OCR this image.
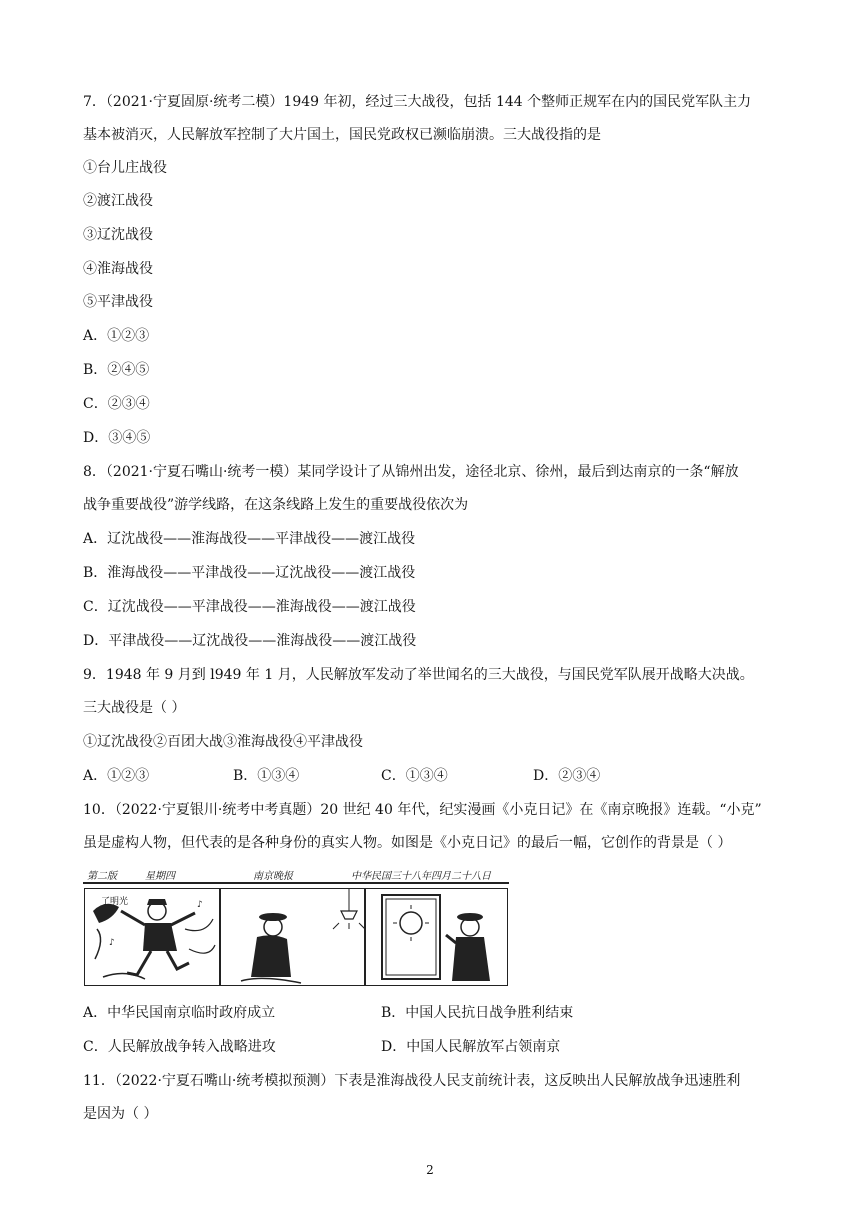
7．（2021·宁夏固原·统考二模）1949 年初，经过三大战役，包括 144 个整师正规军在内的国民党军队主力
基本被消灭，人民解放军控制了大片国土，国民党政权已濒临崩溃。三大战役指的是
①台儿庄战役
②渡江战役
③辽沈战役
④淮海战役
⑤平津战役
A．①②③
B．②④⑤
C．②③④
D．③④⑤
8．（2021·宁夏石嘴山·统考一模）某同学设计了从锦州出发，途径北京、徐州，最后到达南京的一条“解放
战争重要战役”游学线路，在这条线路上发生的重要战役依次为
A．辽沈战役——淮海战役——平津战役——渡江战役
B．淮海战役——平津战役——辽沈战役——渡江战役
C．辽沈战役——平津战役——淮海战役——渡江战役
D．平津战役——辽沈战役——淮海战役——渡江战役
9．1948 年 9 月到 l949 年 1 月，人民解放军发动了举世闻名的三大战役，与国民党军队展开战略大决战。
三大战役是（ ）
①辽沈战役②百团大战③淮海战役④平津战役
A．①②③	B．①③④	C．①③④	D．②③④
10．（2022·宁夏银川·统考中考真题）20 世纪 40 年代，纪实漫画《小克日记》在《南京晚报》连载。“小克”
虽是虚构人物，但代表的是各种身份的真实人物。如图是《小克日记》的最后一幅，它创作的背景是（ ）
第二版	星期四	南京晚报	中华民国三十八年四月二十八日
了明光	♪
♪
A．中华民国南京临时政府成立	B．中国人民抗日战争胜利结束
C．人民解放战争转入战略进攻	D．中国人民解放军占领南京
11．（2022·宁夏石嘴山·统考模拟预测）下表是淮海战役人民支前统计表，这反映出人民解放战争迅速胜利
是因为（ ）
2
